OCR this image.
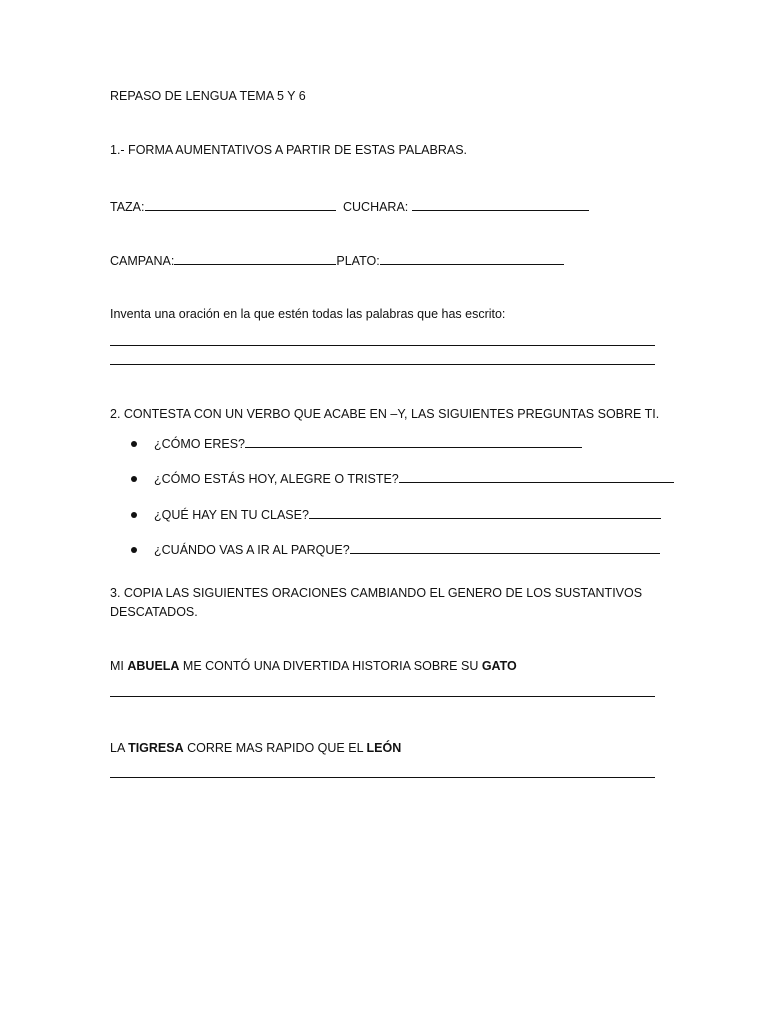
REPASO DE LENGUA TEMA 5 Y 6
1.- FORMA AUMENTATIVOS A PARTIR DE ESTAS PALABRAS.
TAZA:	CUCHARA:
CAMPANA:	PLATO:
Inventa una oración en la que estén todas las palabras que has escrito:
2. CONTESTA CON UN VERBO QUE ACABE EN –Y, LAS SIGUIENTES PREGUNTAS SOBRE TI.
¿CÓMO ERES?
¿CÓMO ESTÁS HOY, ALEGRE O TRISTE?
¿QUÉ HAY EN TU CLASE?
¿CUÁNDO VAS A IR AL PARQUE?
3. COPIA LAS SIGUIENTES ORACIONES CAMBIANDO EL GENERO DE LOS SUSTANTIVOS
DESCATADOS.
MI ABUELA ME CONTÓ UNA DIVERTIDA HISTORIA SOBRE SU GATO
LA TIGRESA CORRE MAS RAPIDO QUE EL LEÓN
